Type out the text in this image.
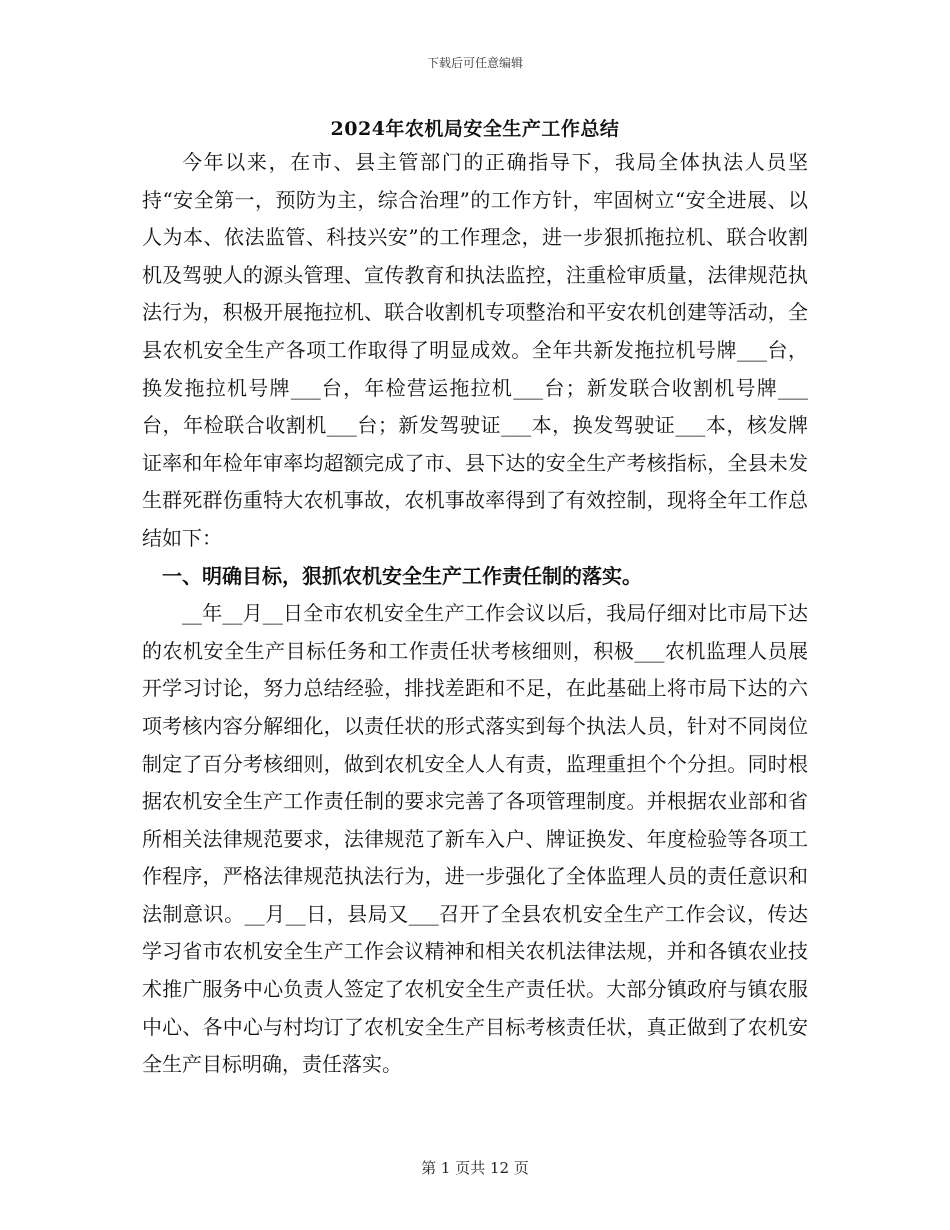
下载后可任意编辑
2024年农机局安全生产工作总结

今年以来，在市、县主管部门的正确指导下，我局全体执法人员坚持“安全第一，预防为主，综合治理”的工作方针，牢固树立“安全进展、以人为本、依法监管、科技兴安”的工作理念，进一步狠抓拖拉机、联合收割机及驾驶人的源头管理、宣传教育和执法监控，注重检审质量，法律规范执法行为，积极开展拖拉机、联合收割机专项整治和平安农机创建等活动，全县农机安全生产各项工作取得了明显成效。全年共新发拖拉机号牌___台，换发拖拉机号牌___台，年检营运拖拉机___台；新发联合收割机号牌___台，年检联合收割机___台；新发驾驶证___本，换发驾驶证___本，核发牌证率和年检年审率均超额完成了市、县下达的安全生产考核指标，全县未发生群死群伤重特大农机事故，农机事故率得到了有效控制，现将全年工作总结如下：

一、明确目标，狠抓农机安全生产工作责任制的落实。

__年__月__日全市农机安全生产工作会议以后，我局仔细对比市局下达的农机安全生产目标任务和工作责任状考核细则，积极___农机监理人员展开学习讨论，努力总结经验，排找差距和不足，在此基础上将市局下达的六项考核内容分解细化，以责任状的形式落实到每个执法人员，针对不同岗位制定了百分考核细则，做到农机安全人人有责，监理重担个个分担。同时根据农机安全生产工作责任制的要求完善了各项管理制度。并根据农业部和省所相关法律规范要求，法律规范了新车入户、牌证换发、年度检验等各项工作程序，严格法律规范执法行为，进一步强化了全体监理人员的责任意识和法制意识。__月__日，县局又___召开了全县农机安全生产工作会议，传达学习省市农机安全生产工作会议精神和相关农机法律法规，并和各镇农业技术推广服务中心负责人签定了农机安全生产责任状。大部分镇政府与镇农服中心、各中心与村均订了农机安全生产目标考核责任状，真正做到了农机安全生产目标明确，责任落实。

第 1 页共 12 页
